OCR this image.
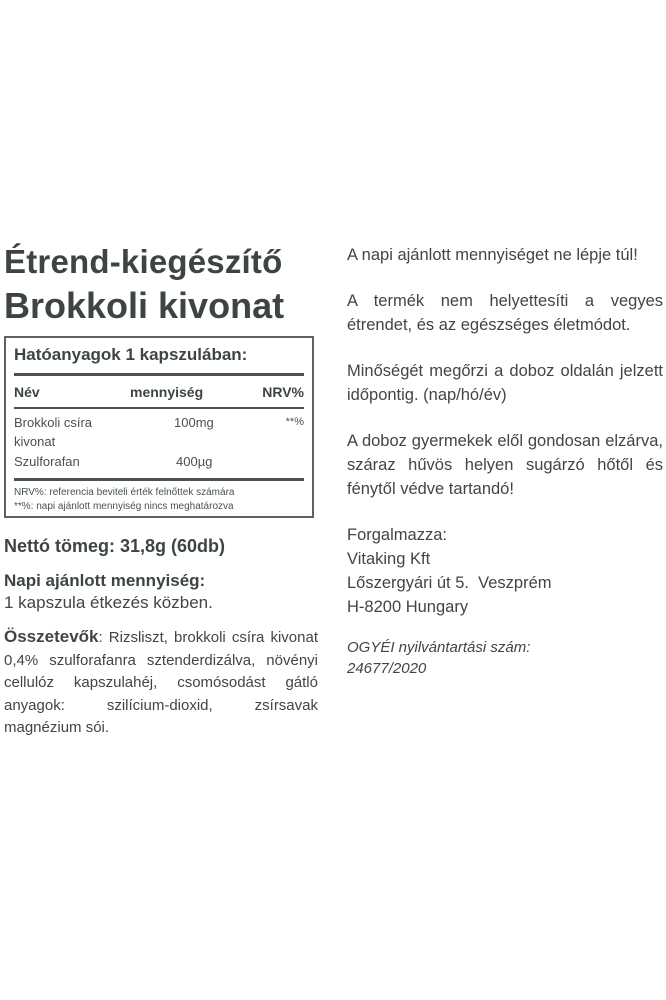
Étrend-kiegészítő
Brokkoli kivonat
Hatóanyagok 1 kapszulában:
Név	mennyiség	NRV%
Brokkoli csíra	100mg	**%
kivonat
Szulforafan	400µg
NRV%: referencia beviteli érték felnőttek számára
**%: napi ajánlott mennyiség nincs meghatározva
Nettó tömeg: 31,8g (60db)
Napi ajánlott mennyiség:
1 kapszula étkezés közben.
Összetevők: Rizsliszt, brokkoli csíra kivonat 0,4% szulforafanra sztenderdizálva, növényi cellulóz kapszulahéj, csomósodást gátló anyagok: szilícium-dioxid, zsírsavak magnézium sói.
A napi ajánlott mennyiséget ne lépje túl!
A termék nem helyettesíti a vegyes étrendet, és az egészséges életmódot.
Minőségét megőrzi a doboz oldalán jelzett időpontig. (nap/hó/év)
A doboz gyermekek elől gondosan elzárva, száraz hűvös helyen sugárzó hőtől és fénytől védve tartandó!
Forgalmazza:
Vitaking Kft
Lőszergyári út 5.  Veszprém
H-8200 Hungary
OGYÉI nyilvántartási szám:
24677/2020
